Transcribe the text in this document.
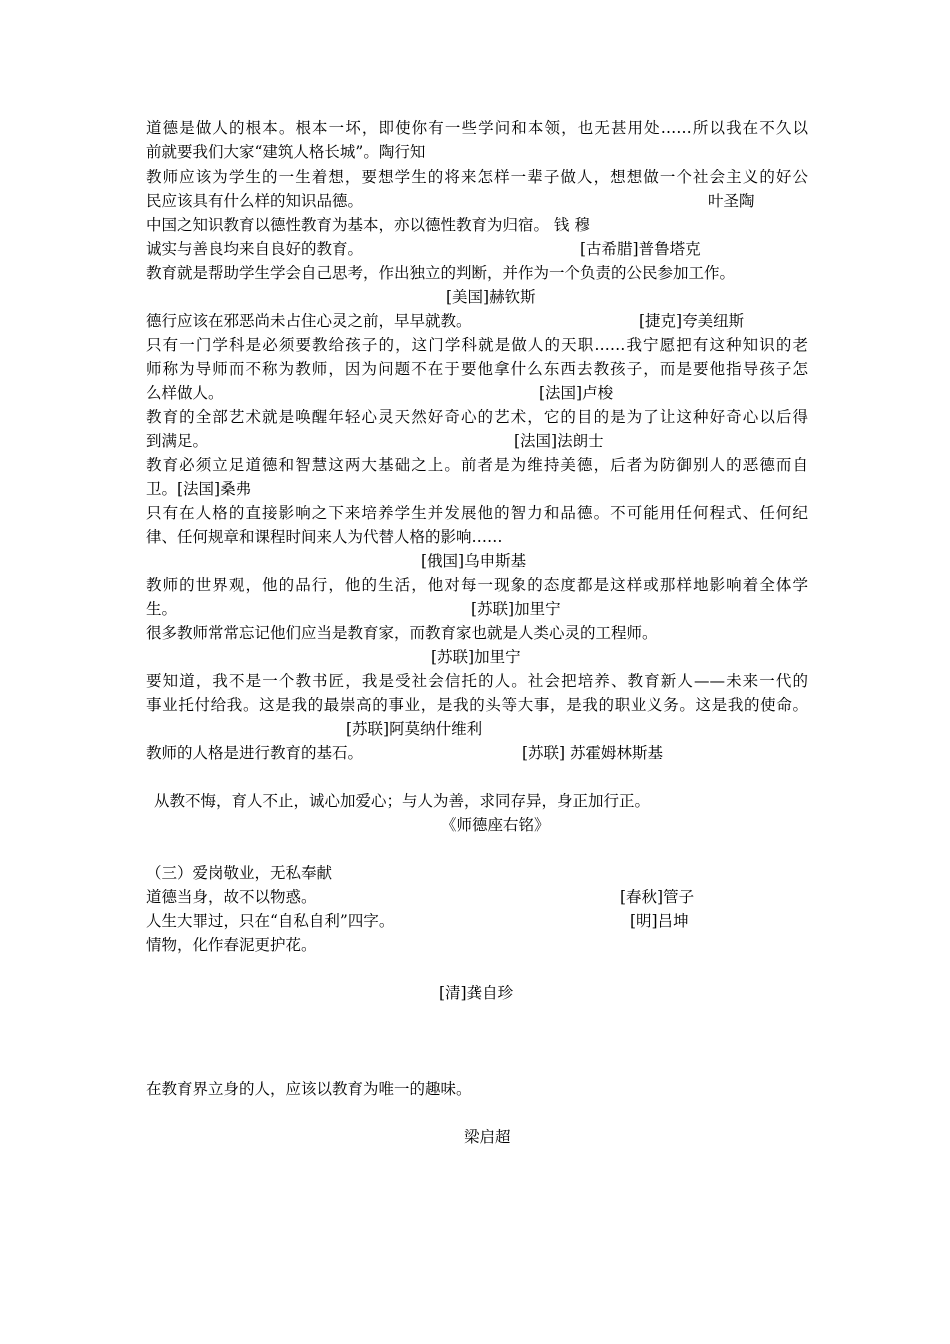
道德是做人的根本。根本一坏，即使你有一些学问和本领，也无甚用处……所以我在不久以
前就要我们大家“建筑人格长城”。陶行知
教师应该为学生的一生着想，要想学生的将来怎样一辈子做人，想想做一个社会主义的好公
民应该具有什么样的知识品德。	叶圣陶
中国之知识教育以德性教育为基本，亦以德性教育为归宿。 钱 穆
诚实与善良均来自良好的教育。	[古希腊]普鲁塔克
教育就是帮助学生学会自己思考，作出独立的判断，并作为一个负责的公民参加工作。
[美国]赫钦斯
德行应该在邪恶尚未占住心灵之前，早早就教。	[捷克]夸美纽斯
只有一门学科是必须要教给孩子的，这门学科就是做人的天职……我宁愿把有这种知识的老
师称为导师而不称为教师，因为问题不在于要他拿什么东西去教孩子，而是要他指导孩子怎
么样做人。	[法国]卢梭
教育的全部艺术就是唤醒年轻心灵天然好奇心的艺术，它的目的是为了让这种好奇心以后得
到满足。	[法国]法朗士
教育必须立足道德和智慧这两大基础之上。前者是为维持美德，后者为防御别人的恶德而自
卫。[法国]桑弗
只有在人格的直接影响之下来培养学生并发展他的智力和品德。不可能用任何程式、任何纪
律、任何规章和课程时间来人为代替人格的影响……
[俄国]乌申斯基
教师的世界观，他的品行，他的生活，他对每一现象的态度都是这样或那样地影响着全体学
生。	[苏联]加里宁
很多教师常常忘记他们应当是教育家，而教育家也就是人类心灵的工程师。
[苏联]加里宁
要知道，我不是一个教书匠，我是受社会信托的人。社会把培养、教育新人——未来一代的
事业托付给我。这是我的最崇高的事业，是我的头等大事，是我的职业义务。这是我的使命。
[苏联]阿莫纳什维利
教师的人格是进行教育的基石。	[苏联] 苏霍姆林斯基
从教不悔，育人不止，诚心加爱心；与人为善，求同存异，身正加行正。
《师德座右铭》
（三）爱岗敬业，无私奉献
道德当身，故不以物惑。	[春秋]管子
人生大罪过，只在“自私自利”四字。	[明]吕坤
情物，化作春泥更护花。
[清]龚自珍
在教育界立身的人，应该以教育为唯一的趣味。
梁启超
